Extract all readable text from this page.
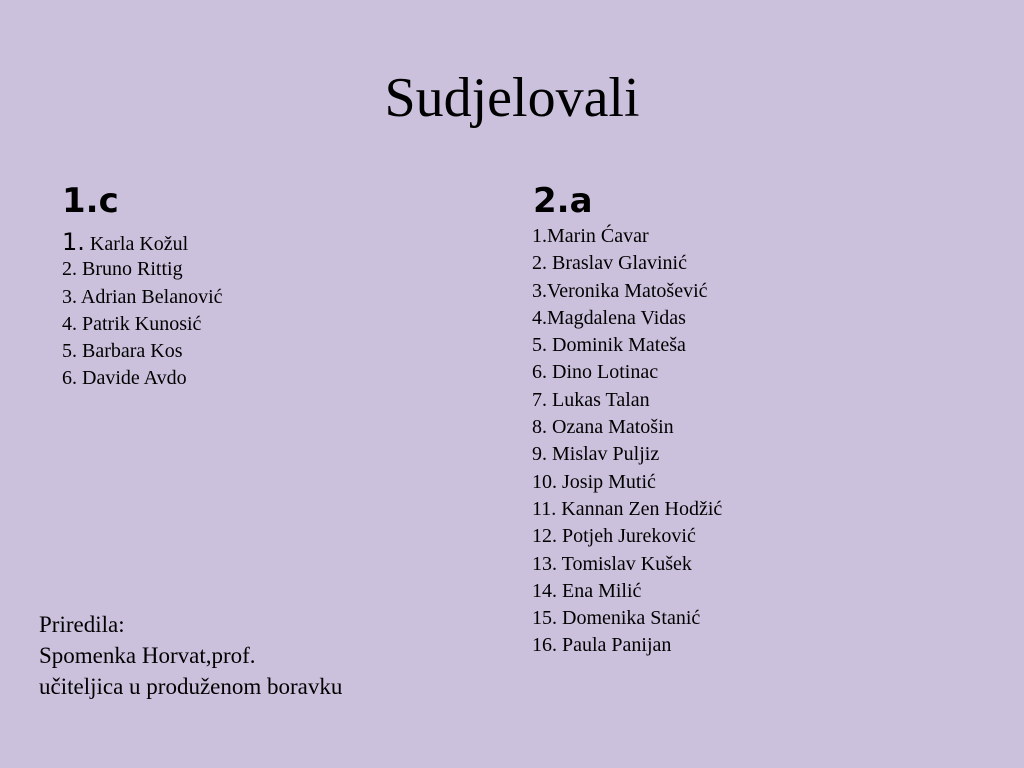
Sudjelovali
1.c
1. Karla Kožul
2. Bruno Rittig
3. Adrian Belanović
4. Patrik Kunosić
5. Barbara Kos
6. Davide Avdo
2.a
1.Marin Ćavar
2. Braslav Glavinić
3.Veronika Matošević
4.Magdalena Vidas
5. Dominik Mateša
6. Dino Lotinac
7. Lukas Talan
8. Ozana Matošin
9. Mislav Puljiz
10. Josip Mutić
11. Kannan Zen Hodžić
12. Potjeh Jureković
13. Tomislav Kušek
14. Ena Milić
15. Domenika Stanić
16. Paula Panijan
Priredila:
Spomenka Horvat,prof.
učiteljica u produženom boravku
